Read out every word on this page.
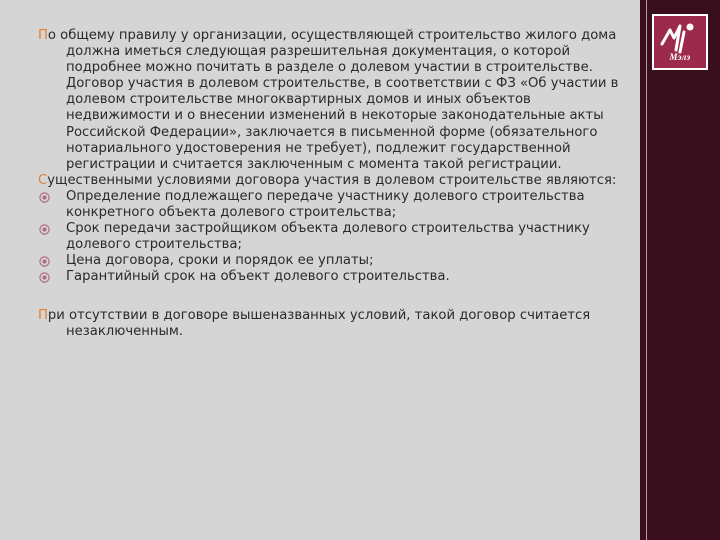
Мэлэ

По общему правилу у организации, осуществляющей строительство жилого дома должна иметься следующая разрешительная документация, о которой подробнее можно почитать в разделе о долевом участии в строительстве. Договор участия в долевом строительстве, в соответствии с ФЗ «Об участии в долевом строительстве многоквартирных домов и иных объектов недвижимости и о внесении изменений в некоторые законодательные акты Российской Федерации», заключается в письменной форме (обязательного нотариального удостоверения не требует), подлежит государственной регистрации и считается заключенным с момента такой регистрации.

Существенными условиями договора участия в долевом строительстве являются:

Определение подлежащего передаче участнику долевого строительства конкретного объекта долевого строительства;
Срок передачи застройщиком объекта долевого строительства участнику долевого строительства;
Цена договора, сроки и порядок ее уплаты;
Гарантийный срок на объект долевого строительства.

При отсутствии в договоре вышеназванных условий, такой договор считается незаключенным.
